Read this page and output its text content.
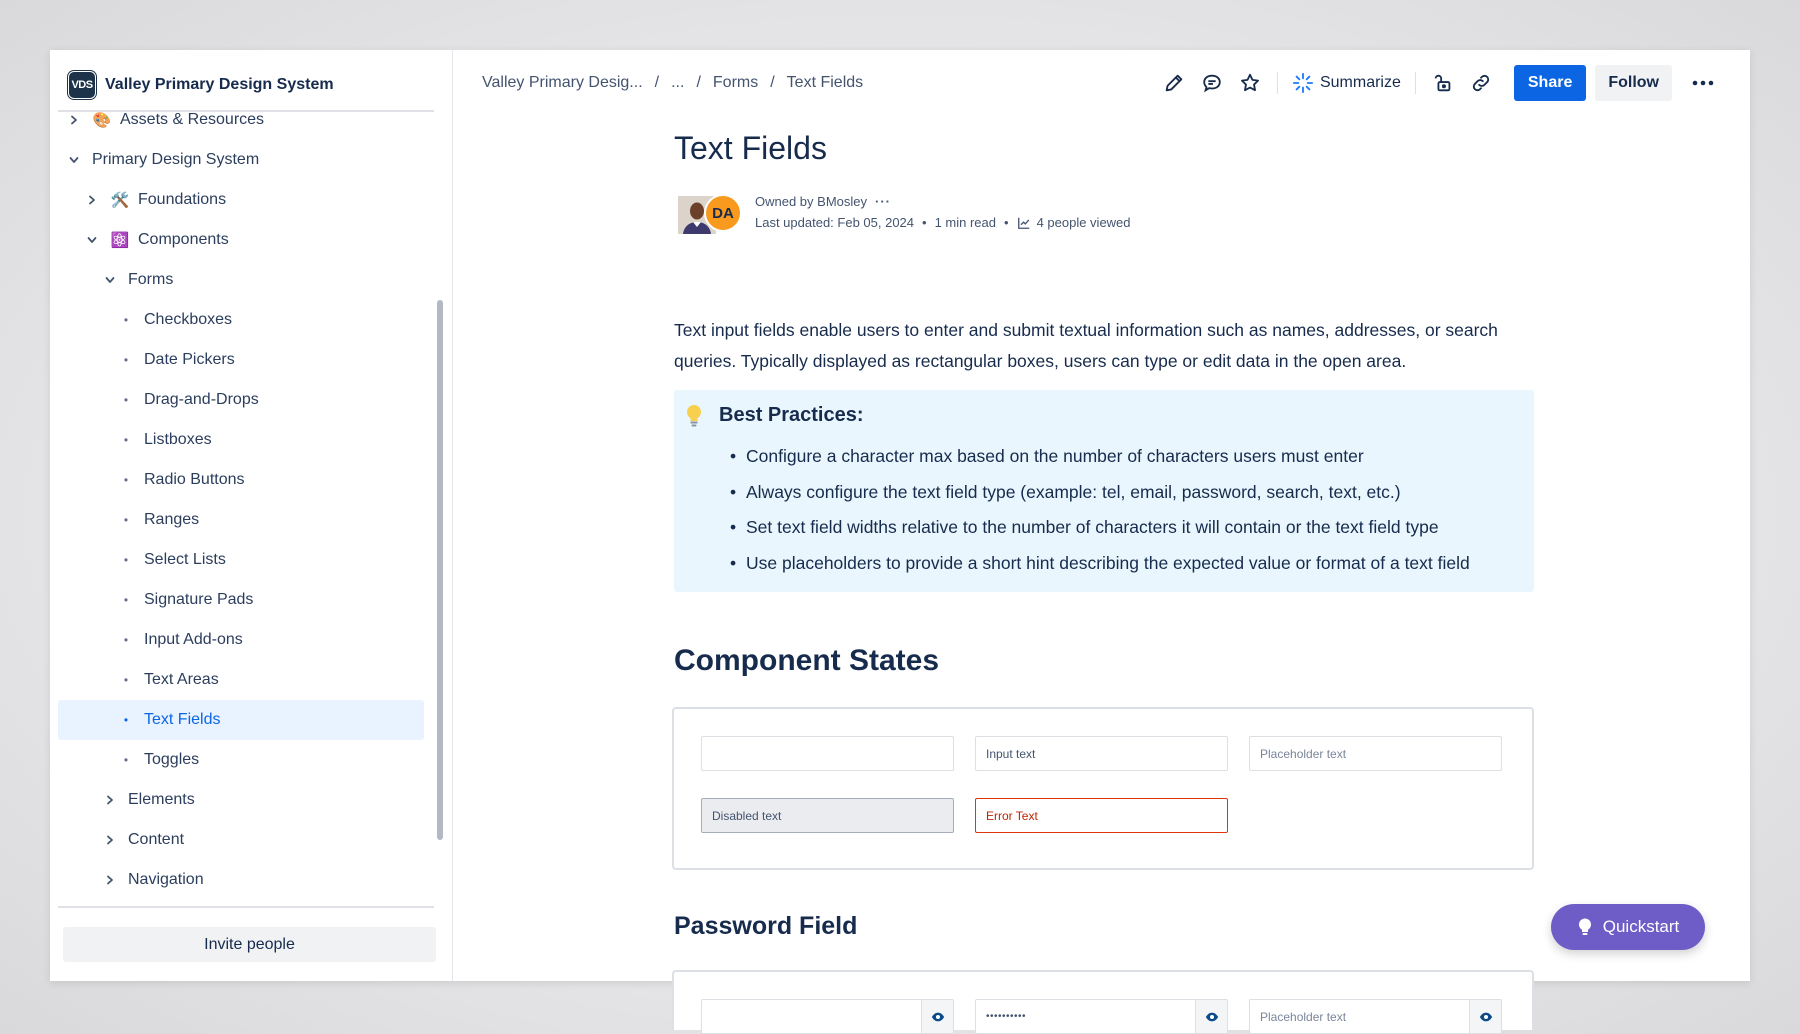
VDS Valley Primary Design System
🎨 Assets & Resources
Primary Design System
🛠️ Foundations
⚛️ Components
Forms
• Checkboxes
• Date Pickers
• Drag-and-Drops
• Listboxes
• Radio Buttons
• Ranges
• Select Lists
• Signature Pads
• Input Add-ons
• Text Areas
• Text Fields
• Toggles
Elements
Content
Navigation
Invite people
Valley Primary Desig... / ... / Forms / Text Fields	Summarize	Share	Follow
Text Fields
DA
Owned by BMosley ···
Last updated: Feb 05, 2024 • 1 min read • 4 people viewed

Text input fields enable users to enter and submit textual information such as names, addresses, or search queries. Typically displayed as rectangular boxes, users can type or edit data in the open area.

Best Practices:
• Configure a character max based on the number of characters users must enter
• Always configure the text field type (example: tel, email, password, search, text, etc.)
• Set text field widths relative to the number of characters it will contain or the text field type
• Use placeholders to provide a short hint describing the expected value or format of a text field
Component States
Input text	Placeholder text
Disabled text	Error Text
Password Field
••••••••••	Placeholder text
Quickstart
